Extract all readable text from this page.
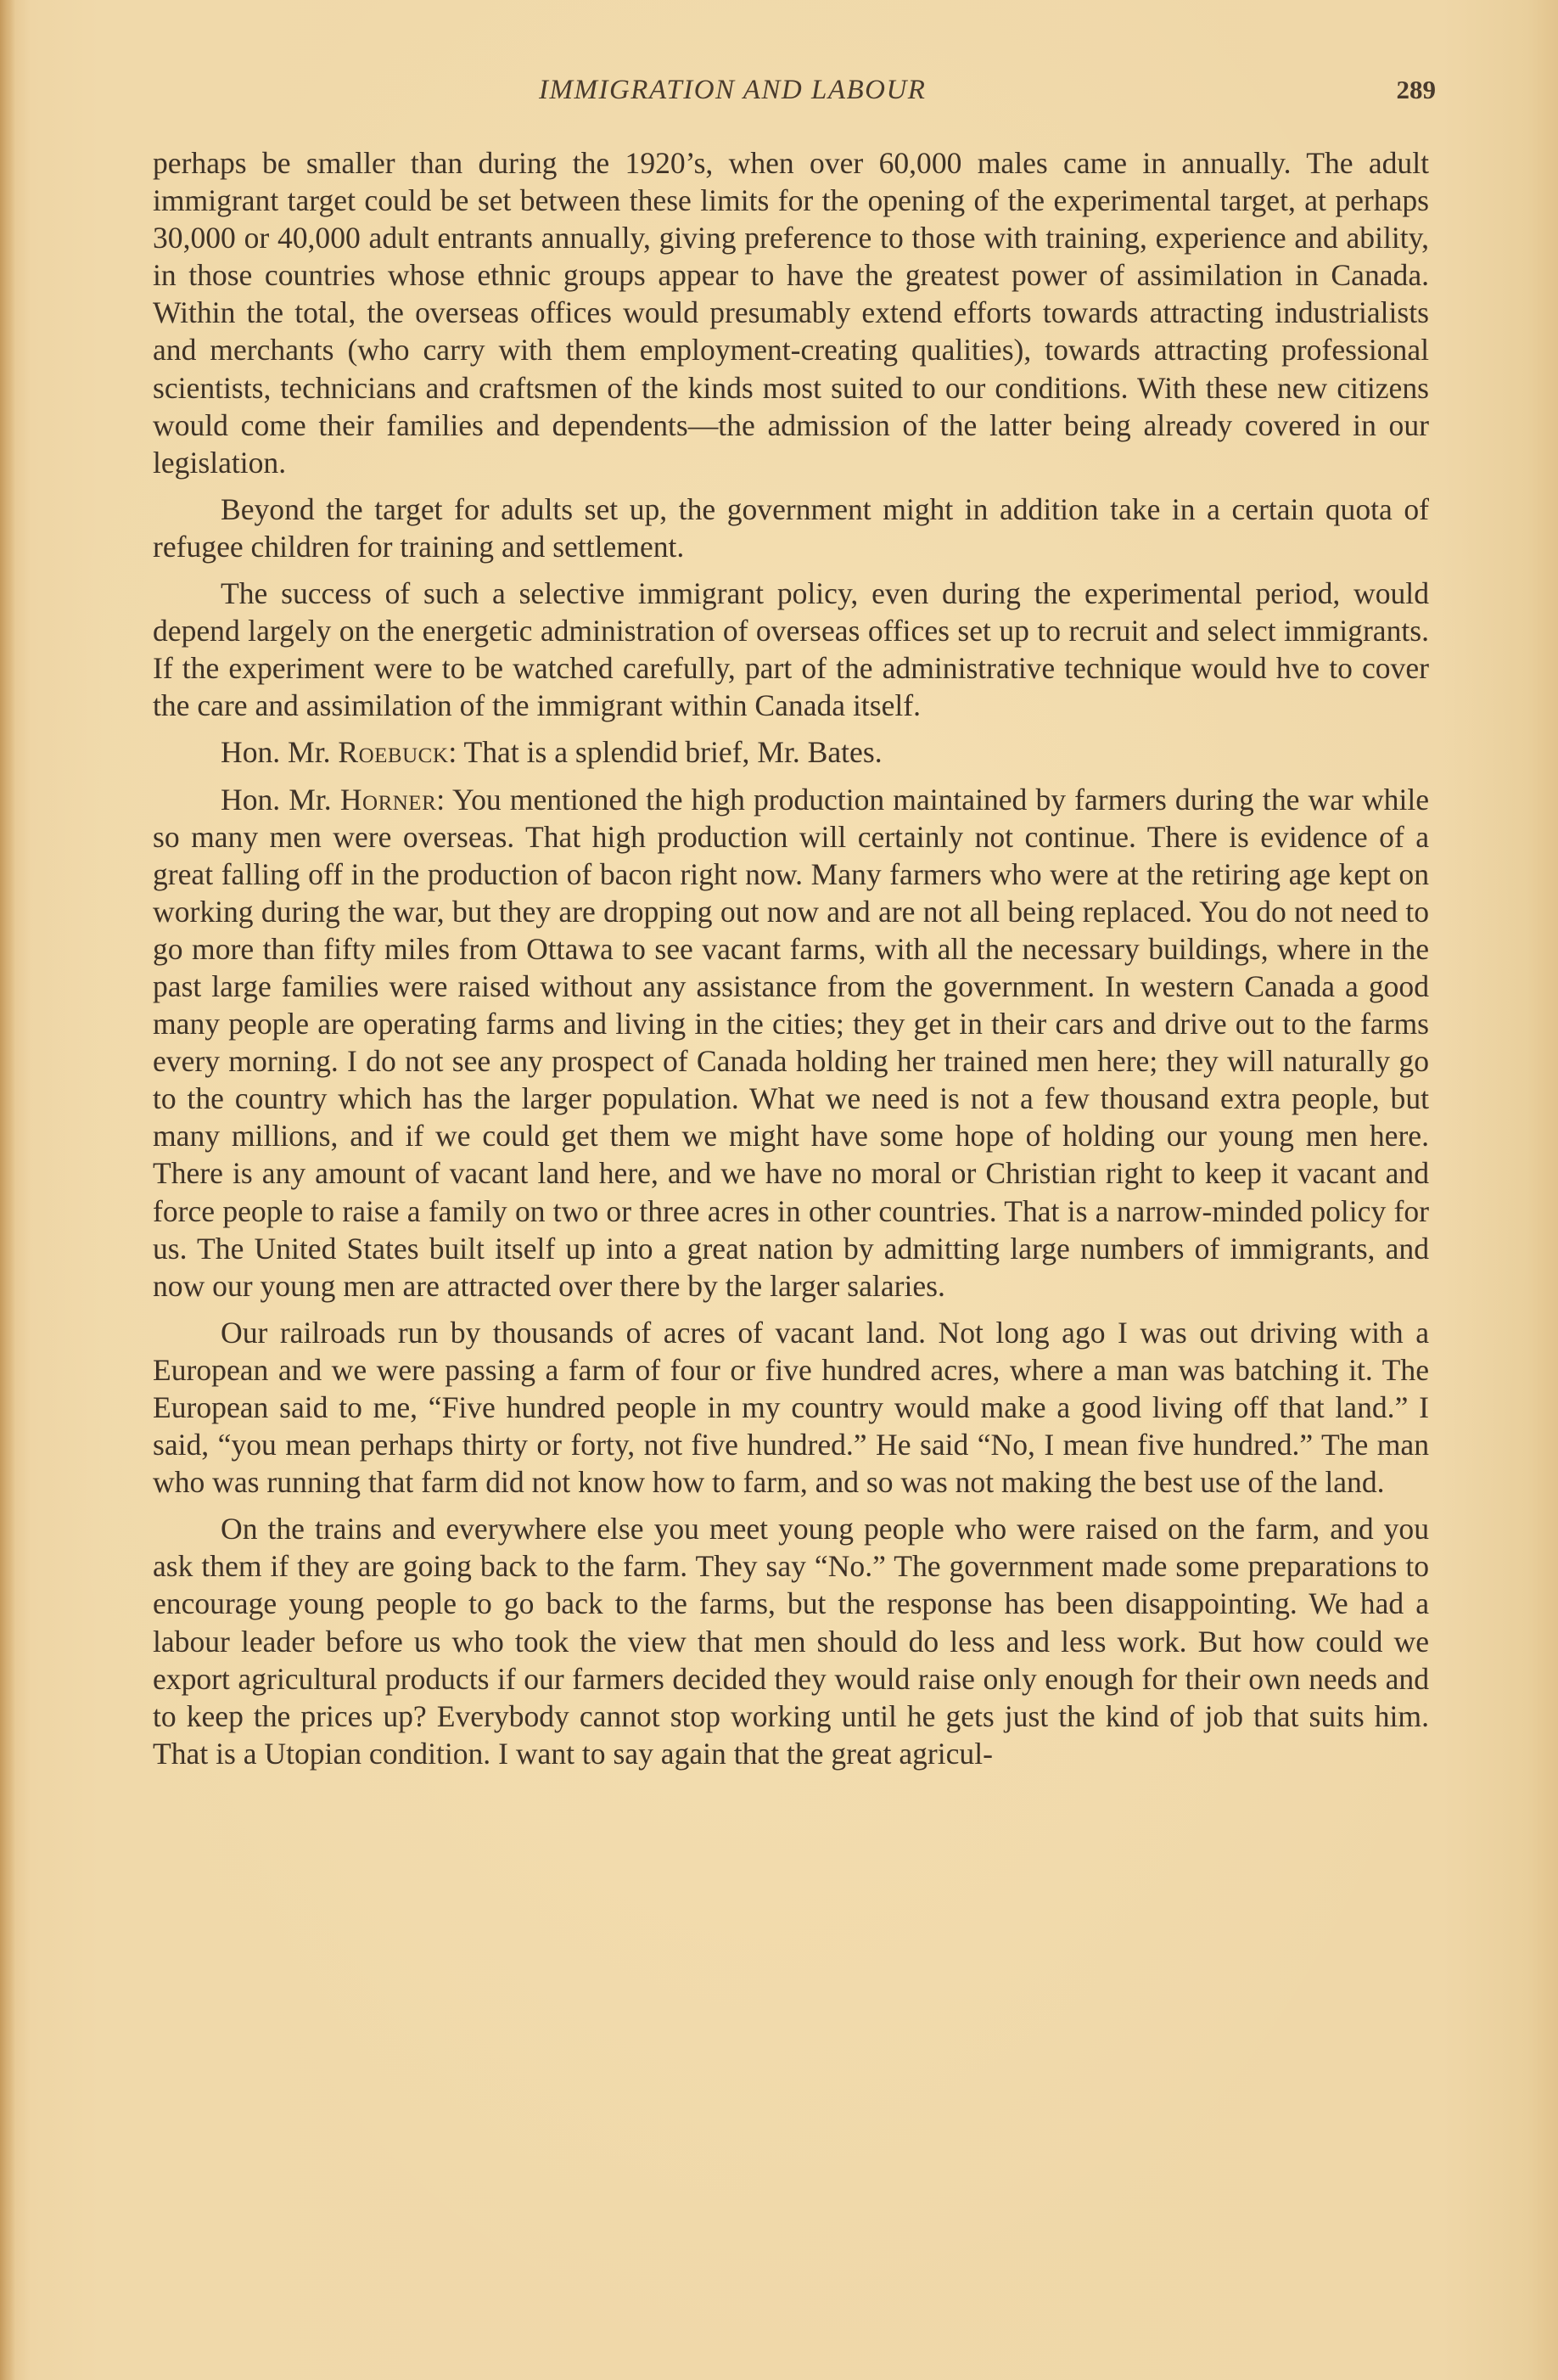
IMMIGRATION AND LABOUR	289

perhaps be smaller than during the 1920’s, when over 60,000 males came in annually. The adult immigrant target could be set between these limits for the opening of the experimental target, at perhaps 30,000 or 40,000 adult entrants annually, giving preference to those with training, experience and ability, in those countries whose ethnic groups appear to have the greatest power of assimilation in Canada. Within the total, the overseas offices would presumably extend efforts towards attracting industrialists and merchants (who carry with them employment-creating qualities), towards attracting professional scientists, technicians and craftsmen of the kinds most suited to our conditions. With these new citizens would come their families and dependents—the admission of the latter being already covered in our legislation.

Beyond the target for adults set up, the government might in addition take in a certain quota of refugee children for training and settlement.

The success of such a selective immigrant policy, even during the experimental period, would depend largely on the energetic administration of overseas offices set up to recruit and select immigrants. If the experiment were to be watched carefully, part of the administrative technique would hve to cover the care and assimilation of the immigrant within Canada itself.

Hon. Mr. Roebuck: That is a splendid brief, Mr. Bates.

Hon. Mr. Horner: You mentioned the high production maintained by farmers during the war while so many men were overseas. That high production will certainly not continue. There is evidence of a great falling off in the production of bacon right now. Many farmers who were at the retiring age kept on working during the war, but they are dropping out now and are not all being replaced. You do not need to go more than fifty miles from Ottawa to see vacant farms, with all the necessary buildings, where in the past large families were raised without any assistance from the government. In western Canada a good many people are operating farms and living in the cities; they get in their cars and drive out to the farms every morning. I do not see any prospect of Canada holding her trained men here; they will naturally go to the country which has the larger population. What we need is not a few thousand extra people, but many millions, and if we could get them we might have some hope of holding our young men here. There is any amount of vacant land here, and we have no moral or Christian right to keep it vacant and force people to raise a family on two or three acres in other countries. That is a narrow-minded policy for us. The United States built itself up into a great nation by admitting large numbers of immigrants, and now our young men are attracted over there by the larger salaries.

Our railroads run by thousands of acres of vacant land. Not long ago I was out driving with a European and we were passing a farm of four or five hundred acres, where a man was batching it. The European said to me, “Five hundred people in my country would make a good living off that land.” I said, “you mean perhaps thirty or forty, not five hundred.” He said “No, I mean five hundred.” The man who was running that farm did not know how to farm, and so was not making the best use of the land.

On the trains and everywhere else you meet young people who were raised on the farm, and you ask them if they are going back to the farm. They say “No.” The government made some preparations to encourage young people to go back to the farms, but the response has been disappointing. We had a labour leader before us who took the view that men should do less and less work. But how could we export agricultural products if our farmers decided they would raise only enough for their own needs and to keep the prices up? Everybody cannot stop working until he gets just the kind of job that suits him. That is a Utopian condition. I want to say again that the great agricul-
